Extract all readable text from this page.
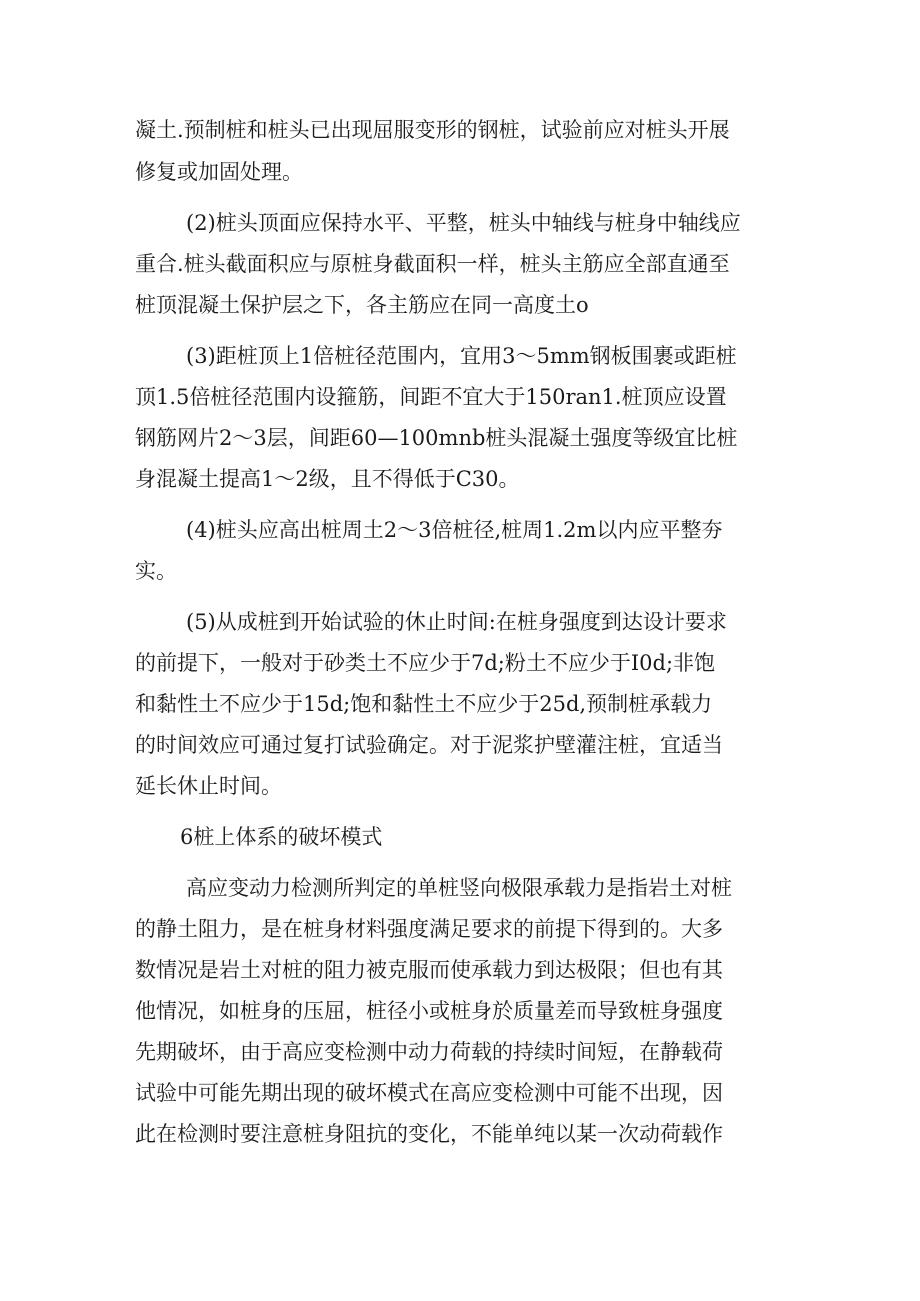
凝土.预制桩和桩头已出现屈服变形的钢桩，试验前应对桩头开展
修复或加固处理。
(2)桩头顶面应保持水平、平整，桩头中轴线与桩身中轴线应
重合.桩头截面积应与原桩身截面积一样，桩头主筋应全部直通至
桩顶混凝土保护层之下，各主筋应在同一高度土o
(3)距桩顶上1倍桩径范围内，宜用3～5mm钢板围裹或距桩
顶1.5倍桩径范围内设箍筋，间距不宜大于150ran1.桩顶应设置
钢筋网片2～3层，间距60—100mnb桩头混凝土强度等级宜比桩
身混凝土提高1～2级，且不得低于C30。
(4)桩头应高出桩周土2～3倍桩径,桩周1.2m以内应平整夯
实。
(5)从成桩到开始试验的休止时间:在桩身强度到达设计要求
的前提下，一般对于砂类土不应少于7d;粉土不应少于I0d;非饱
和黏性土不应少于15d;饱和黏性土不应少于25d,预制桩承载力
的时间效应可通过复打试验确定。对于泥浆护壁灌注桩，宜适当
延长休止时间。
6桩上体系的破坏模式
高应变动力检测所判定的单桩竖向极限承载力是指岩土对桩
的静土阻力，是在桩身材料强度满足要求的前提下得到的。大多
数情况是岩土对桩的阻力被克服而使承载力到达极限；但也有其
他情况，如桩身的压屈，桩径小或桩身於质量差而导致桩身强度
先期破坏，由于高应变检测中动力荷载的持续时间短，在静载荷
试验中可能先期出现的破坏模式在高应变检测中可能不出现，因
此在检测时要注意桩身阻抗的变化，不能单纯以某一次动荷载作
